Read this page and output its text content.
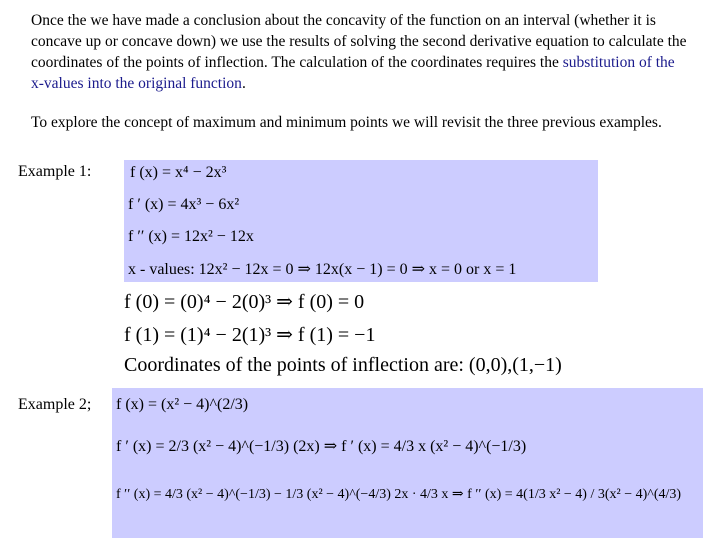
Once the we have made a conclusion about the concavity of the function on an interval (whether it is concave up or concave down) we use the results of solving the second derivative equation to calculate the coordinates of the points of inflection. The calculation of the coordinates requires the substitution of the x-values into the original function.
To explore the concept of maximum and minimum points we will revisit the three previous examples.
Example 1: f (x) = x⁴ − 2x³
f ′ (x) = 4x³ − 6x²
f ′′ (x) = 12x² − 12x
x - values: 12x² − 12x = 0 ⇒ 12x(x − 1) = 0 ⇒ x = 0 or x = 1
f (0) = (0)⁴ − 2(0)³ ⇒ f (0) = 0
f (1) = (1)⁴ − 2(1)³ ⇒ f (1) = −1
Coordinates of the points of inflection are: (0,0),(1,−1)
Example 2; f (x) = (x² − 4)^(2/3)
f ′ (x) = 2/3 (x² − 4)^(−1/3) (2x) ⇒ f ′ (x) = 4/3 x (x² − 4)^(−1/3)
f ′′ (x) = 4/3 (x² − 4)^(−1/3) − 1/3 (x² − 4)^(−4/3) 2x · 4/3 x ⇒ f ′′ (x) = 4(1/3 x² − 4) / 3(x² − 4)^(4/3)
